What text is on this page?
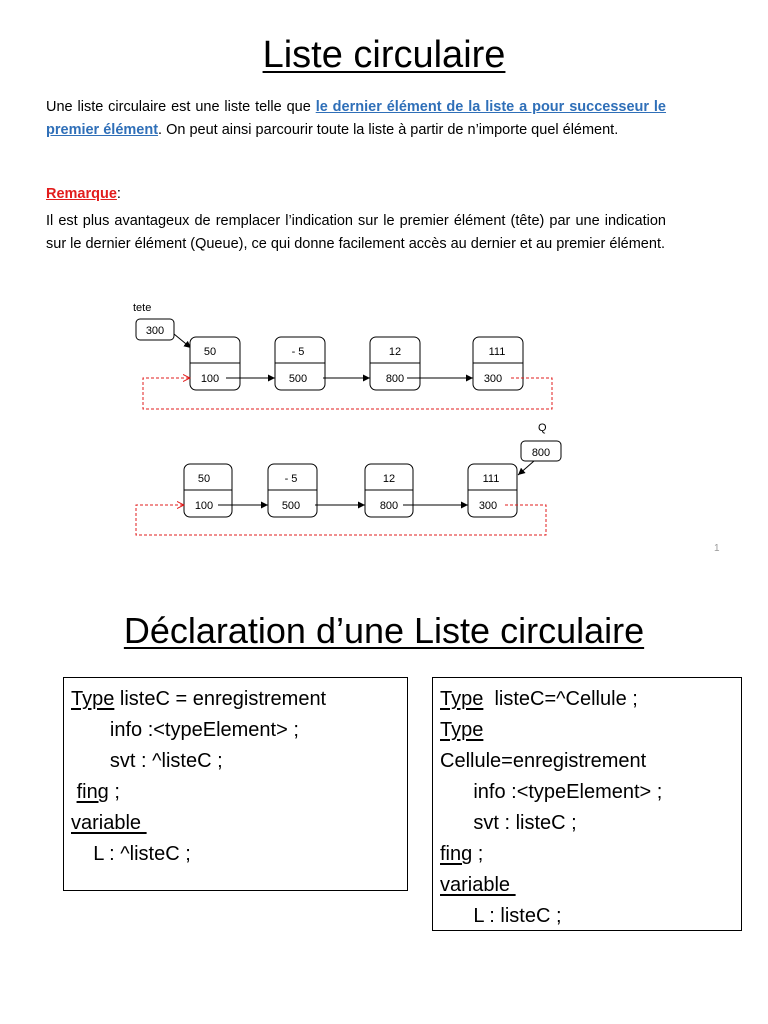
Liste circulaire

Une liste circulaire est une liste telle que le dernier élément de la liste a pour successeur le premier élément. On peut ainsi parcourir toute la liste à partir de n’importe quel élément.

Remarque:

Il est plus avantageux de remplacer l’indication sur le premier élément (tête) par une indication sur le dernier élément (Queue), ce qui donne facilement accès au dernier et au premier élément.

tete
300
50
100
- 5
500
12
800
111
300
Q
800
50
100
- 5
500
12
800
111
300
1
Déclaration d’une Liste circulaire
Type listeC = enregistrement
info :<typeElement> ;
svt : ^listeC ;
fing ;
variable
L : ^listeC ;
Type  listeC=^Cellule ;
Type
Cellule=enregistrement
info :<typeElement> ;
svt : listeC ;
fing ;
variable
L : listeC ;
